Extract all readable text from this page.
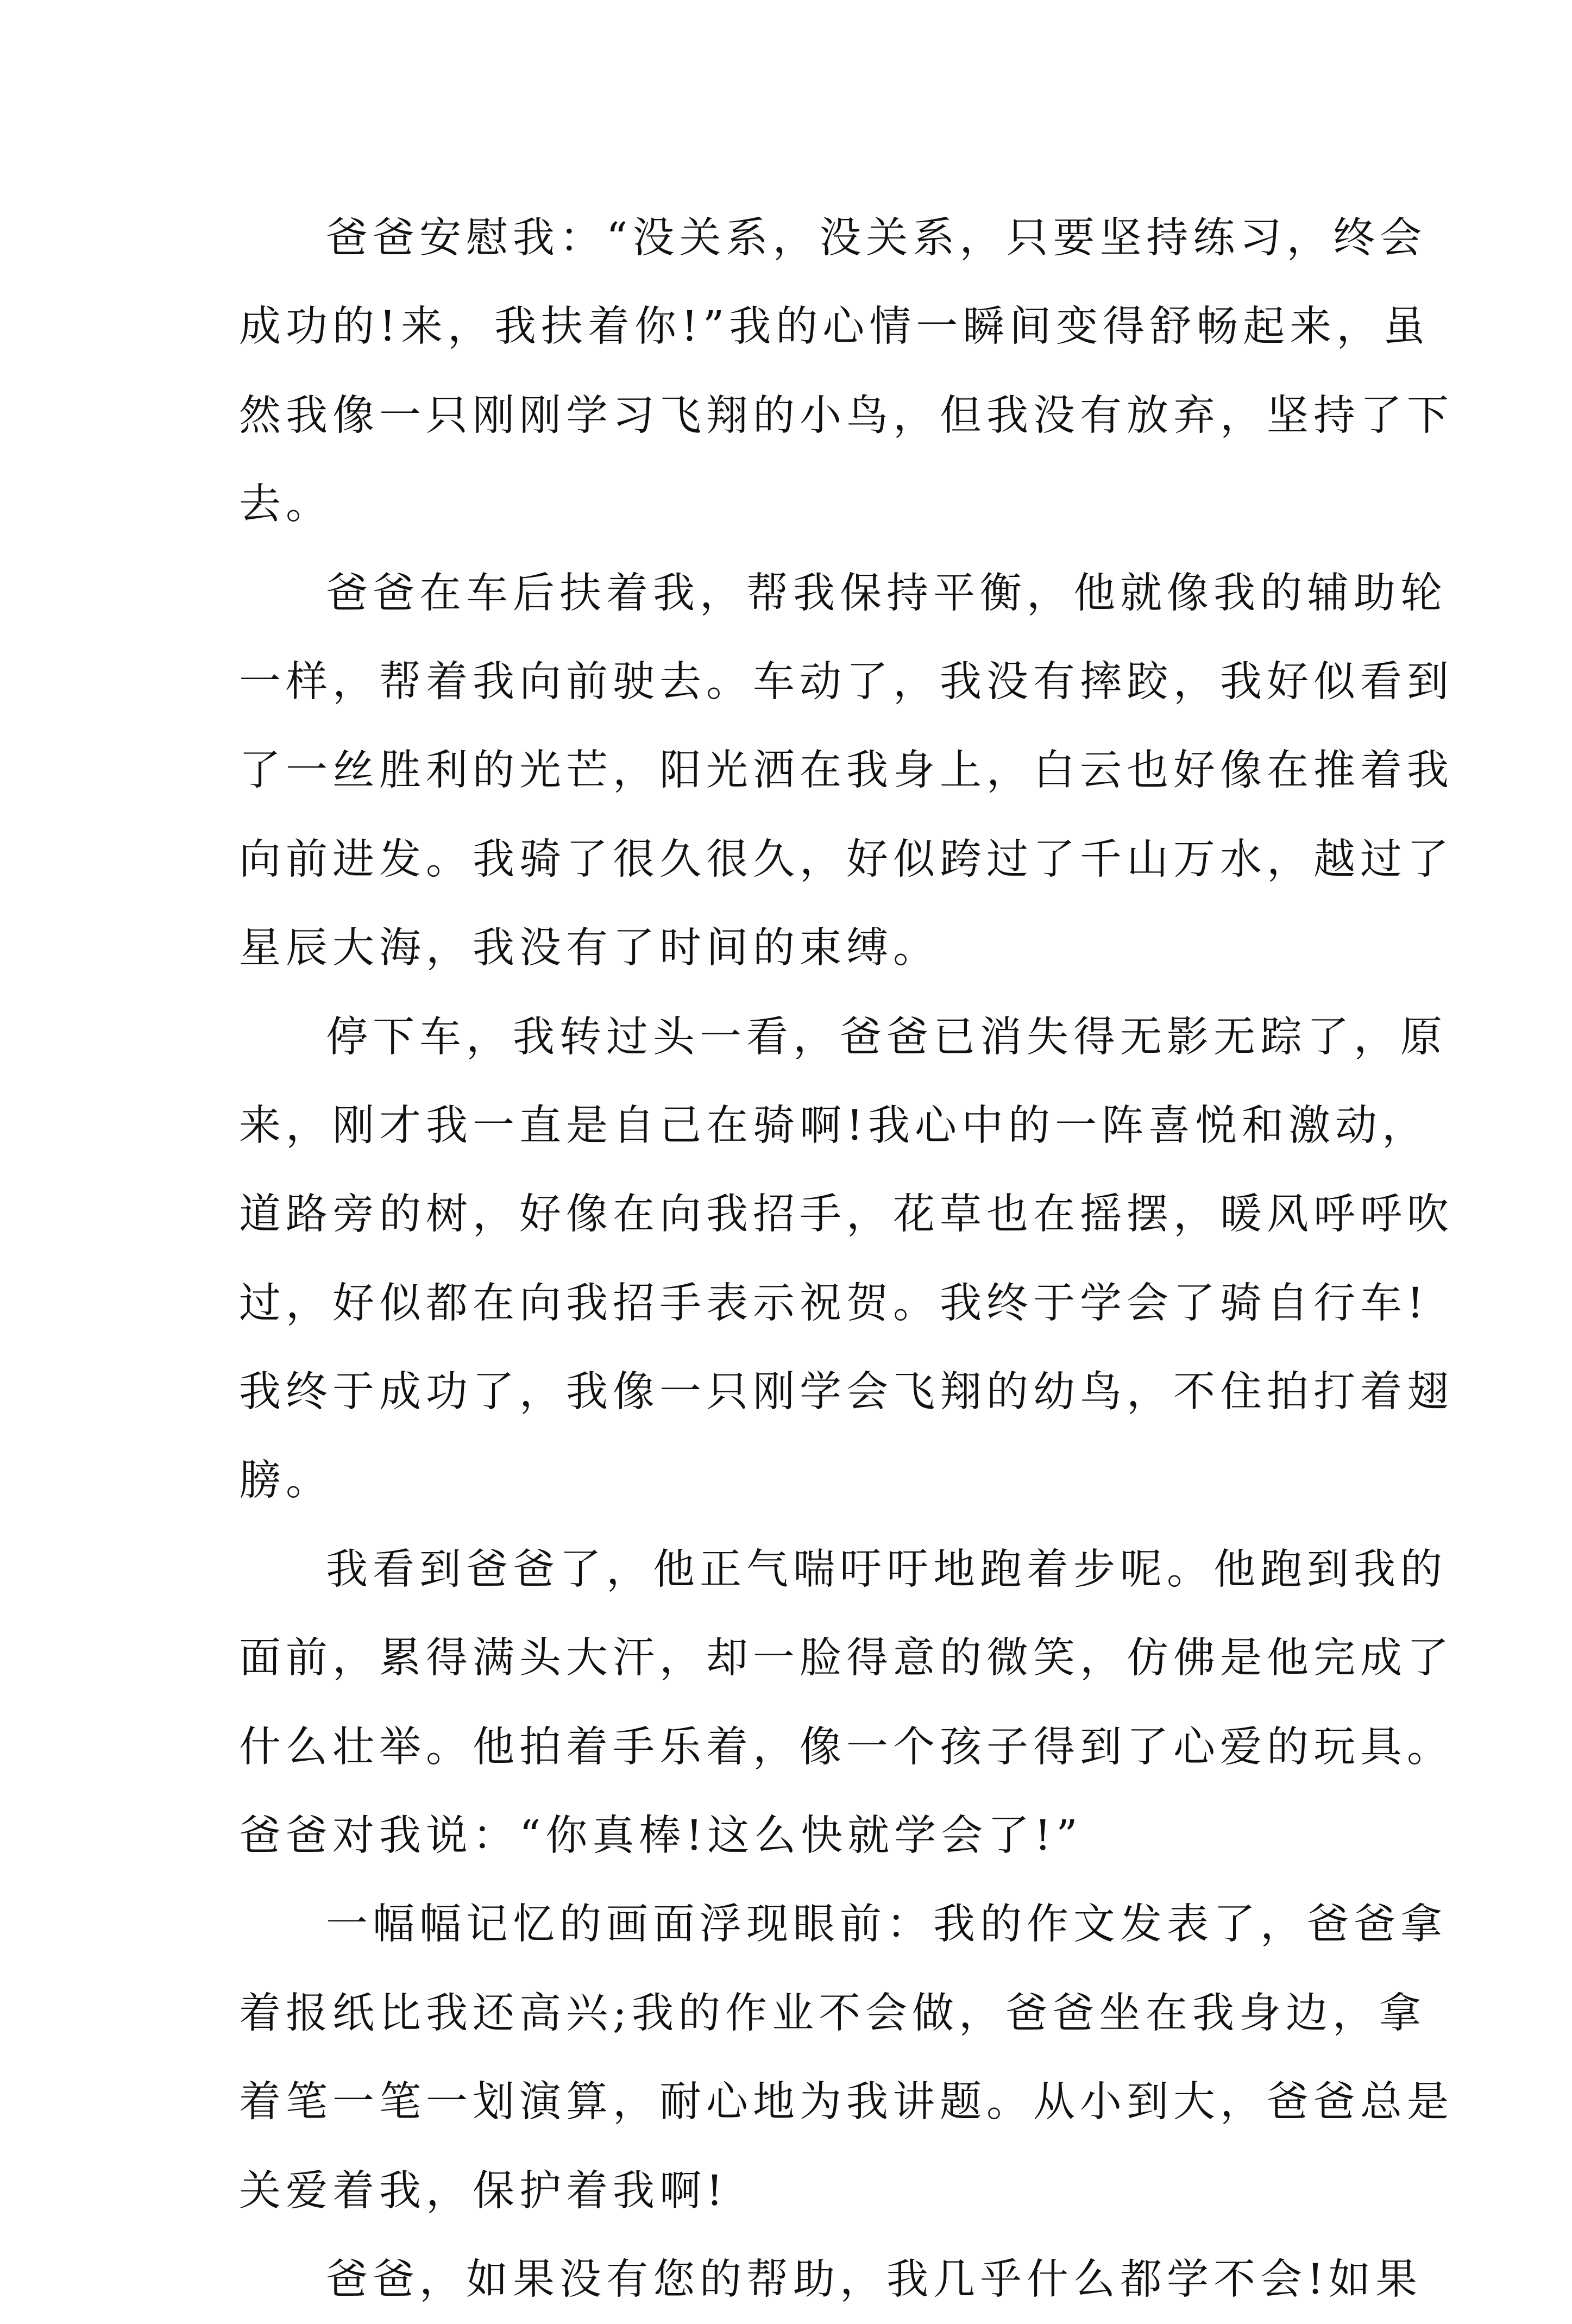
爸爸安慰我：“没关系，没关系，只要坚持练习，终会
成功的!来，我扶着你!”我的心情一瞬间变得舒畅起来，虽
然我像一只刚刚学习飞翔的小鸟，但我没有放弃，坚持了下
去。
爸爸在车后扶着我，帮我保持平衡，他就像我的辅助轮
一样，帮着我向前驶去。车动了，我没有摔跤，我好似看到
了一丝胜利的光芒，阳光洒在我身上，白云也好像在推着我
向前进发。我骑了很久很久，好似跨过了千山万水，越过了
星辰大海，我没有了时间的束缚。
停下车，我转过头一看，爸爸已消失得无影无踪了，原
来，刚才我一直是自己在骑啊!我心中的一阵喜悦和激动，
道路旁的树，好像在向我招手，花草也在摇摆，暖风呼呼吹
过，好似都在向我招手表示祝贺。我终于学会了骑自行车!
我终于成功了，我像一只刚学会飞翔的幼鸟，不住拍打着翅
膀。
我看到爸爸了，他正气喘吁吁地跑着步呢。他跑到我的
面前，累得满头大汗，却一脸得意的微笑，仿佛是他完成了
什么壮举。他拍着手乐着，像一个孩子得到了心爱的玩具。
爸爸对我说：“你真棒!这么快就学会了!”
一幅幅记忆的画面浮现眼前：我的作文发表了，爸爸拿
着报纸比我还高兴;我的作业不会做，爸爸坐在我身边，拿
着笔一笔一划演算，耐心地为我讲题。从小到大，爸爸总是
关爱着我，保护着我啊!
爸爸，如果没有您的帮助，我几乎什么都学不会!如果
